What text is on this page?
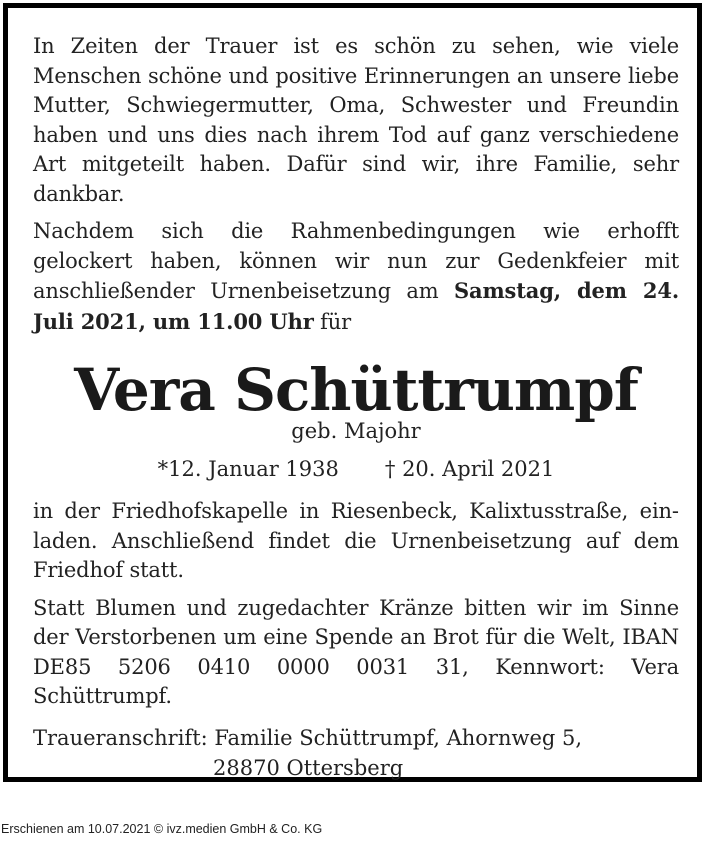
In Zeiten der Trauer ist es schön zu sehen, wie viele Menschen schöne und positive Erinnerungen an unsere liebe Mutter, Schwiegermutter, Oma, Schwester und Freundin haben und uns dies nach ihrem Tod auf ganz verschiedene Art mitgeteilt haben. Dafür sind wir, ihre Familie, sehr dankbar.

Nachdem sich die Rahmenbedingungen wie erhofft gelockert haben, können wir nun zur Gedenkfeier mit anschließender Urnenbeisetzung am Samstag, dem 24. Juli 2021, um 11.00 Uhr für

Vera Schüttrumpf
geb. Majohr
*12. Januar 1938 † 20. April 2021

in der Friedhofskapelle in Riesenbeck, Kalixtusstraße, einladen. Anschließend findet die Urnenbeisetzung auf dem Friedhof statt.

Statt Blumen und zugedachter Kränze bitten wir im Sinne der Verstorbenen um eine Spende an Brot für die Welt, IBAN DE85 5206 0410 0000 0031 31, Kennwort: Vera Schüttrumpf.

Traueranschrift: Familie Schüttrumpf, Ahornweg 5,
28870 Ottersberg
Erschienen am 10.07.2021 © ivz.medien GmbH & Co. KG
